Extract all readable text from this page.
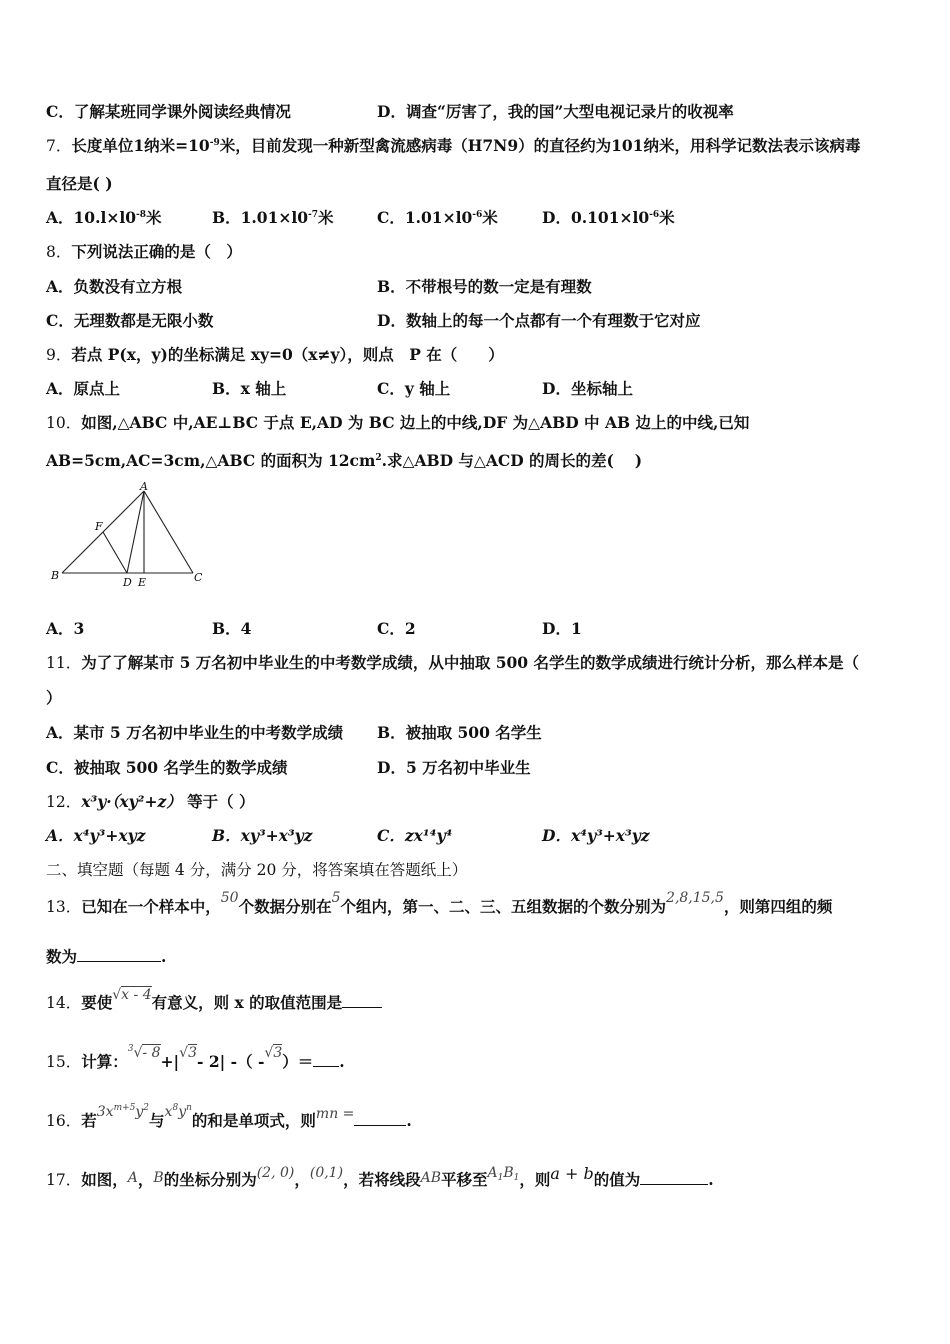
C．了解某班同学课外阅读经典情况	D．调查“厉害了，我的国”大型电视记录片的收视率
7．长度单位1纳米$=10^{-9}$米，目前发现一种新型禽流感病毒（H7N9）的直径约为101纳米，用科学记数法表示该病毒
直径是( )
A．$10.l\times l0^{-8}$米	B．$1.01\times l0^{-7}$米	C．$1.01\times l0^{-6}$米	D．$0.101\times l0^{-6}$米
8．下列说法正确的是（　）
A．负数没有立方根	B．不带根号的数一定是有理数
C．无理数都是无限小数	D．数轴上的每一个点都有一个有理数于它对应
9．若点 P(x，y)的坐标满足 xy=0（x≠y），则点　P 在（　　）
A．原点上	B．x 轴上	C．y 轴上	D．坐标轴上
10．如图,△ABC 中,AE⊥BC 于点 E,AD 为 BC 边上的中线,DF 为△ABD 中 AB 边上的中线,已知
AB=5cm,AC=3cm,△ABC 的面积为 $12cm^2$.求△ABD 与△ACD 的周长的差(　 )
A
F
B
D E	C
A．3	B．4	C．2	D．1
11．为了了解某市 5 万名初中毕业生的中考数学成绩，从中抽取 500 名学生的数学成绩进行统计分析，那么样本是（
）
A．某市 5 万名初中毕业生的中考数学成绩 B．被抽取 500 名学生
C．被抽取 500 名学生的数学成绩	D．5 万名初中毕业生
12．x³y·（xy²+z） 等于（ ）
A．x⁴y³+xyz	B．xy³+x³yz	C．zx¹⁴y⁴	D．x⁴y³+x³yz
二、填空题（每题 4 分，满分 20 分，将答案填在答题纸上）
13．已知在一个样本中，50个数据分别在5个组内，第一、二、三、五组数据的个数分别为2,8,15,5，则第四组的频
数为	.
14．要使√x - 4有意义，则 x 的取值范围是
15．计算：$^3$√- 8+|√3- 2| -（ -√3）＝ .
16．若$3x^{m+5}y^2$与$x^8y^n$的和是单项式，则mn =	.
17．如图，A，B的坐标分别为(2, 0)，(0,1)，若将线段AB平移至$A_1B_1$，则a + b的值为	.
